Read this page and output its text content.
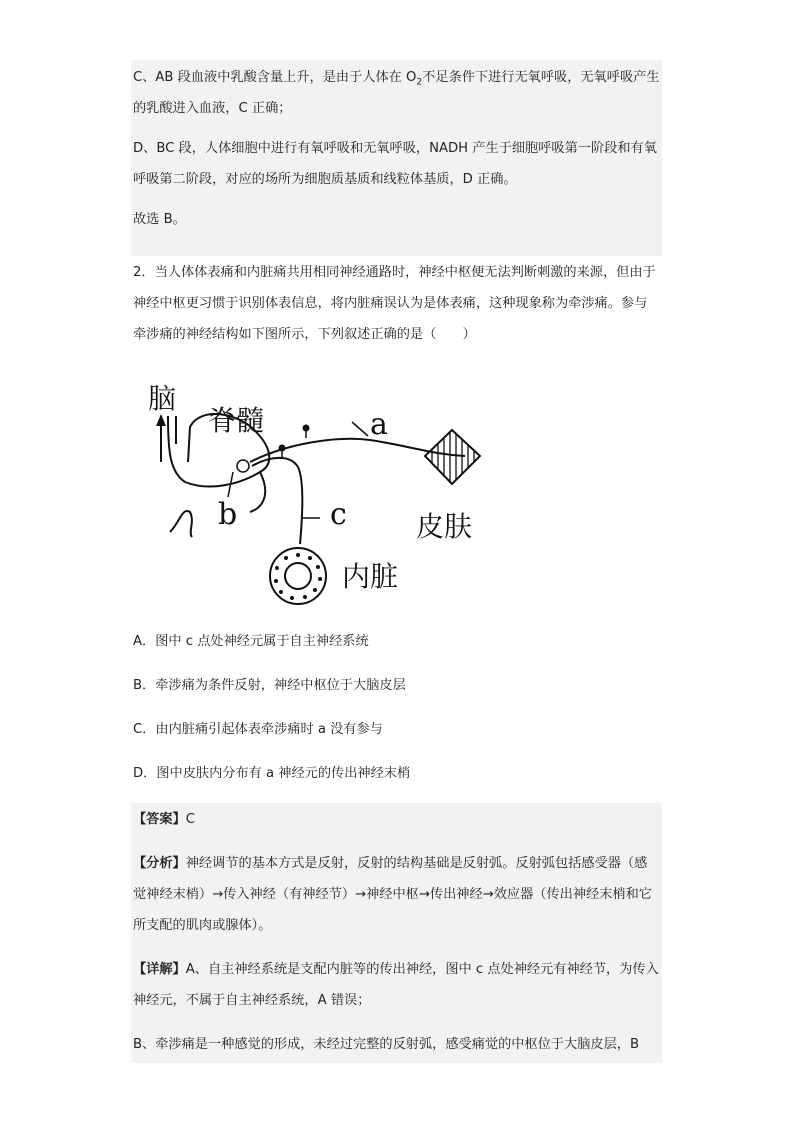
C、AB 段血液中乳酸含量上升，是由于人体在 $O_2$不足条件下进行无氧呼吸，无氧呼吸产生的乳酸进入血液，C 正确；

D、BC 段，人体细胞中进行有氧呼吸和无氧呼吸，NADH 产生于细胞呼吸第一阶段和有氧呼吸第二阶段，对应的场所为细胞质基质和线粒体基质，D 正确。

故选 B。

2．当人体体表痛和内脏痛共用相同神经通路时，神经中枢便无法判断刺激的来源，但由于神经中枢更习惯于识别体表信息，将内脏痛误认为是体表痛，这种现象称为牵涉痛。参与牵涉痛的神经结构如下图所示，下列叙述正确的是（　　）

脑
脊髓	a
b	c 皮肤
内脏

A．图中 c 点处神经元属于自主神经系统

B．牵涉痛为条件反射，神经中枢位于大脑皮层

C．由内脏痛引起体表牵涉痛时 a 没有参与

D．图中皮肤内分布有 a 神经元的传出神经末梢

【答案】C

【分析】神经调节的基本方式是反射，反射的结构基础是反射弧。反射弧包括感受器（感觉神经末梢）→传入神经（有神经节）→神经中枢→传出神经→效应器（传出神经末梢和它所支配的肌肉或腺体）。

【详解】A、自主神经系统是支配内脏等的传出神经，图中 c 点处神经元有神经节，为传入神经元，不属于自主神经系统，A 错误；

B、牵涉痛是一种感觉的形成，未经过完整的反射弧，感受痛觉的中枢位于大脑皮层，B
